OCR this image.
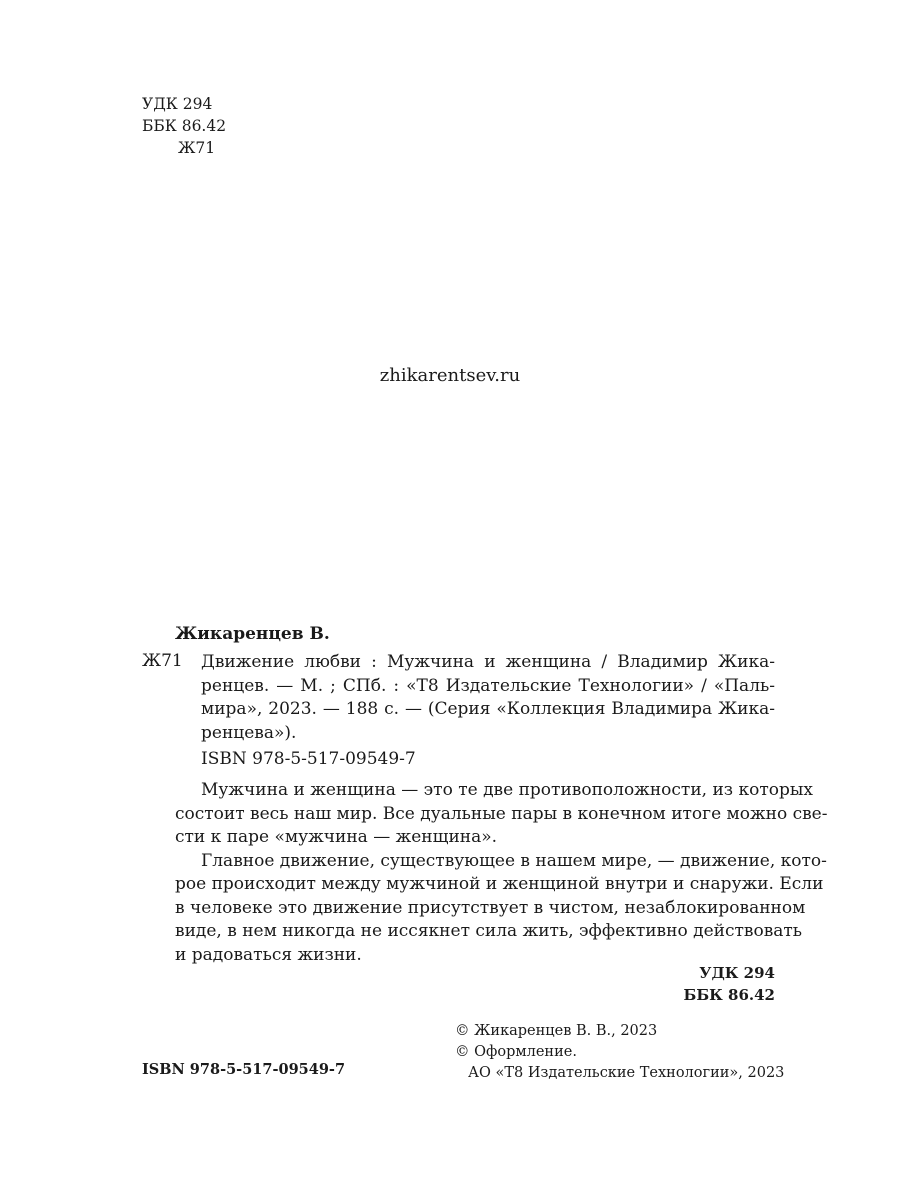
УДК 294
ББК 86.42
Ж71
zhikarentsev.ru
Жикаренцев В.
Ж71 Движение любви : Мужчина и женщина / Владимир Жика-
ренцев. — М. ; СПб. : «Т8 Издательские Технологии» / «Паль-
мира», 2023. — 188 с. — (Серия «Коллекция Владимира Жика-
ренцева»).
ISBN 978-5-517-09549-7
Мужчина и женщина — это те две противоположности, из которых
состоит весь наш мир. Все дуальные пары в конечном итоге можно све-
сти к паре «мужчина — женщина».
Главное движение, существующее в нашем мире, — движение, кото-
рое происходит между мужчиной и женщиной внутри и снаружи. Если
в человеке это движение присутствует в чистом, незаблокированном
виде, в нем никогда не иссякнет сила жить, эффективно действовать
и радоваться жизни.
УДК 294
ББК 86.42
© Жикаренцев В. В., 2023
© Оформление.
АО «Т8 Издательские Технологии», 2023
ISBN 978-5-517-09549-7
